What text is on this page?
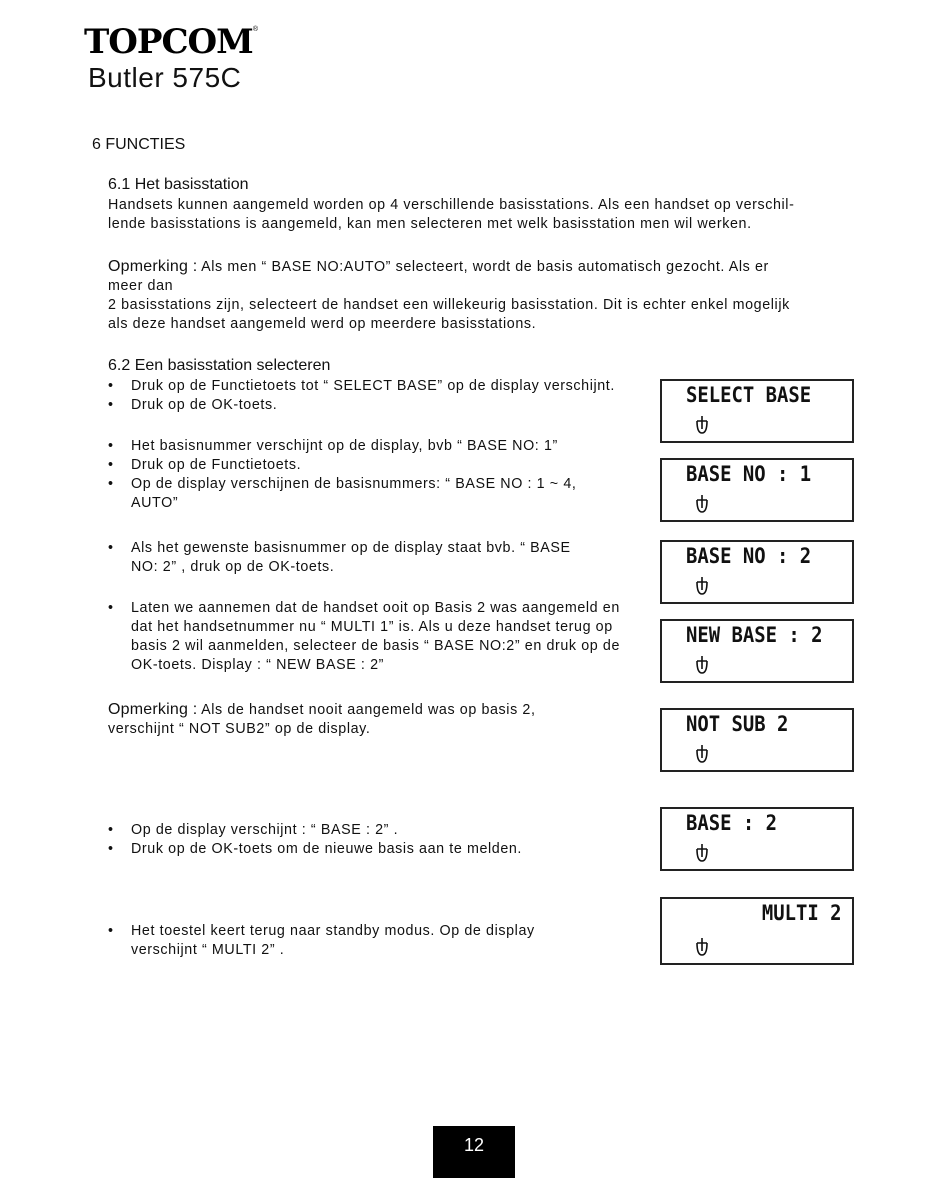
TOPCOM®
Butler 575C
6 FUNCTIES
6.1 Het basisstation
Handsets kunnen aangemeld worden op 4 verschillende basisstations. Als een handset op verschil-
lende basisstations is aangemeld, kan men selecteren met welk basisstation men wil werken.
Opmerking : Als men “ BASE NO:AUTO” selecteert, wordt de basis automatisch gezocht. Als er
meer dan
2 basisstations zijn, selecteert de handset een willekeurig basisstation. Dit is echter enkel mogelijk
als deze handset aangemeld werd op meerdere basisstations.
6.2 Een basisstation selecteren
• Druk op de Functietoets tot “ SELECT BASE” op de display verschijnt.
• Druk op de OK-toets.
• Het basisnummer verschijnt op de display, bvb “ BASE NO: 1”
• Druk op de Functietoets.
• Op de display verschijnen de basisnummers: “ BASE NO : 1 ~ 4, AUTO”
• Als het gewenste basisnummer op de display staat bvb. “ BASE NO: 2” , druk op de OK-toets.
• Laten we aannemen dat de handset ooit op Basis 2 was aangemeld en dat het handsetnummer nu “ MULTI 1” is. Als u deze handset terug op basis 2 wil aanmelden, selecteer de basis “ BASE NO:2” en druk op de OK-toets. Display : “ NEW BASE : 2”
Opmerking : Als de handset nooit aangemeld was op basis 2,
verschijnt “ NOT SUB2” op de display.
• Op de display verschijnt : “ BASE : 2” .
• Druk op de OK-toets om de nieuwe basis aan te melden.
• Het toestel keert terug naar standby modus. Op de display verschijnt “ MULTI 2” .
SELECT BASE
BASE NO : 1
BASE NO : 2
NEW BASE : 2
NOT SUB 2
BASE : 2
MULTI 2
12
